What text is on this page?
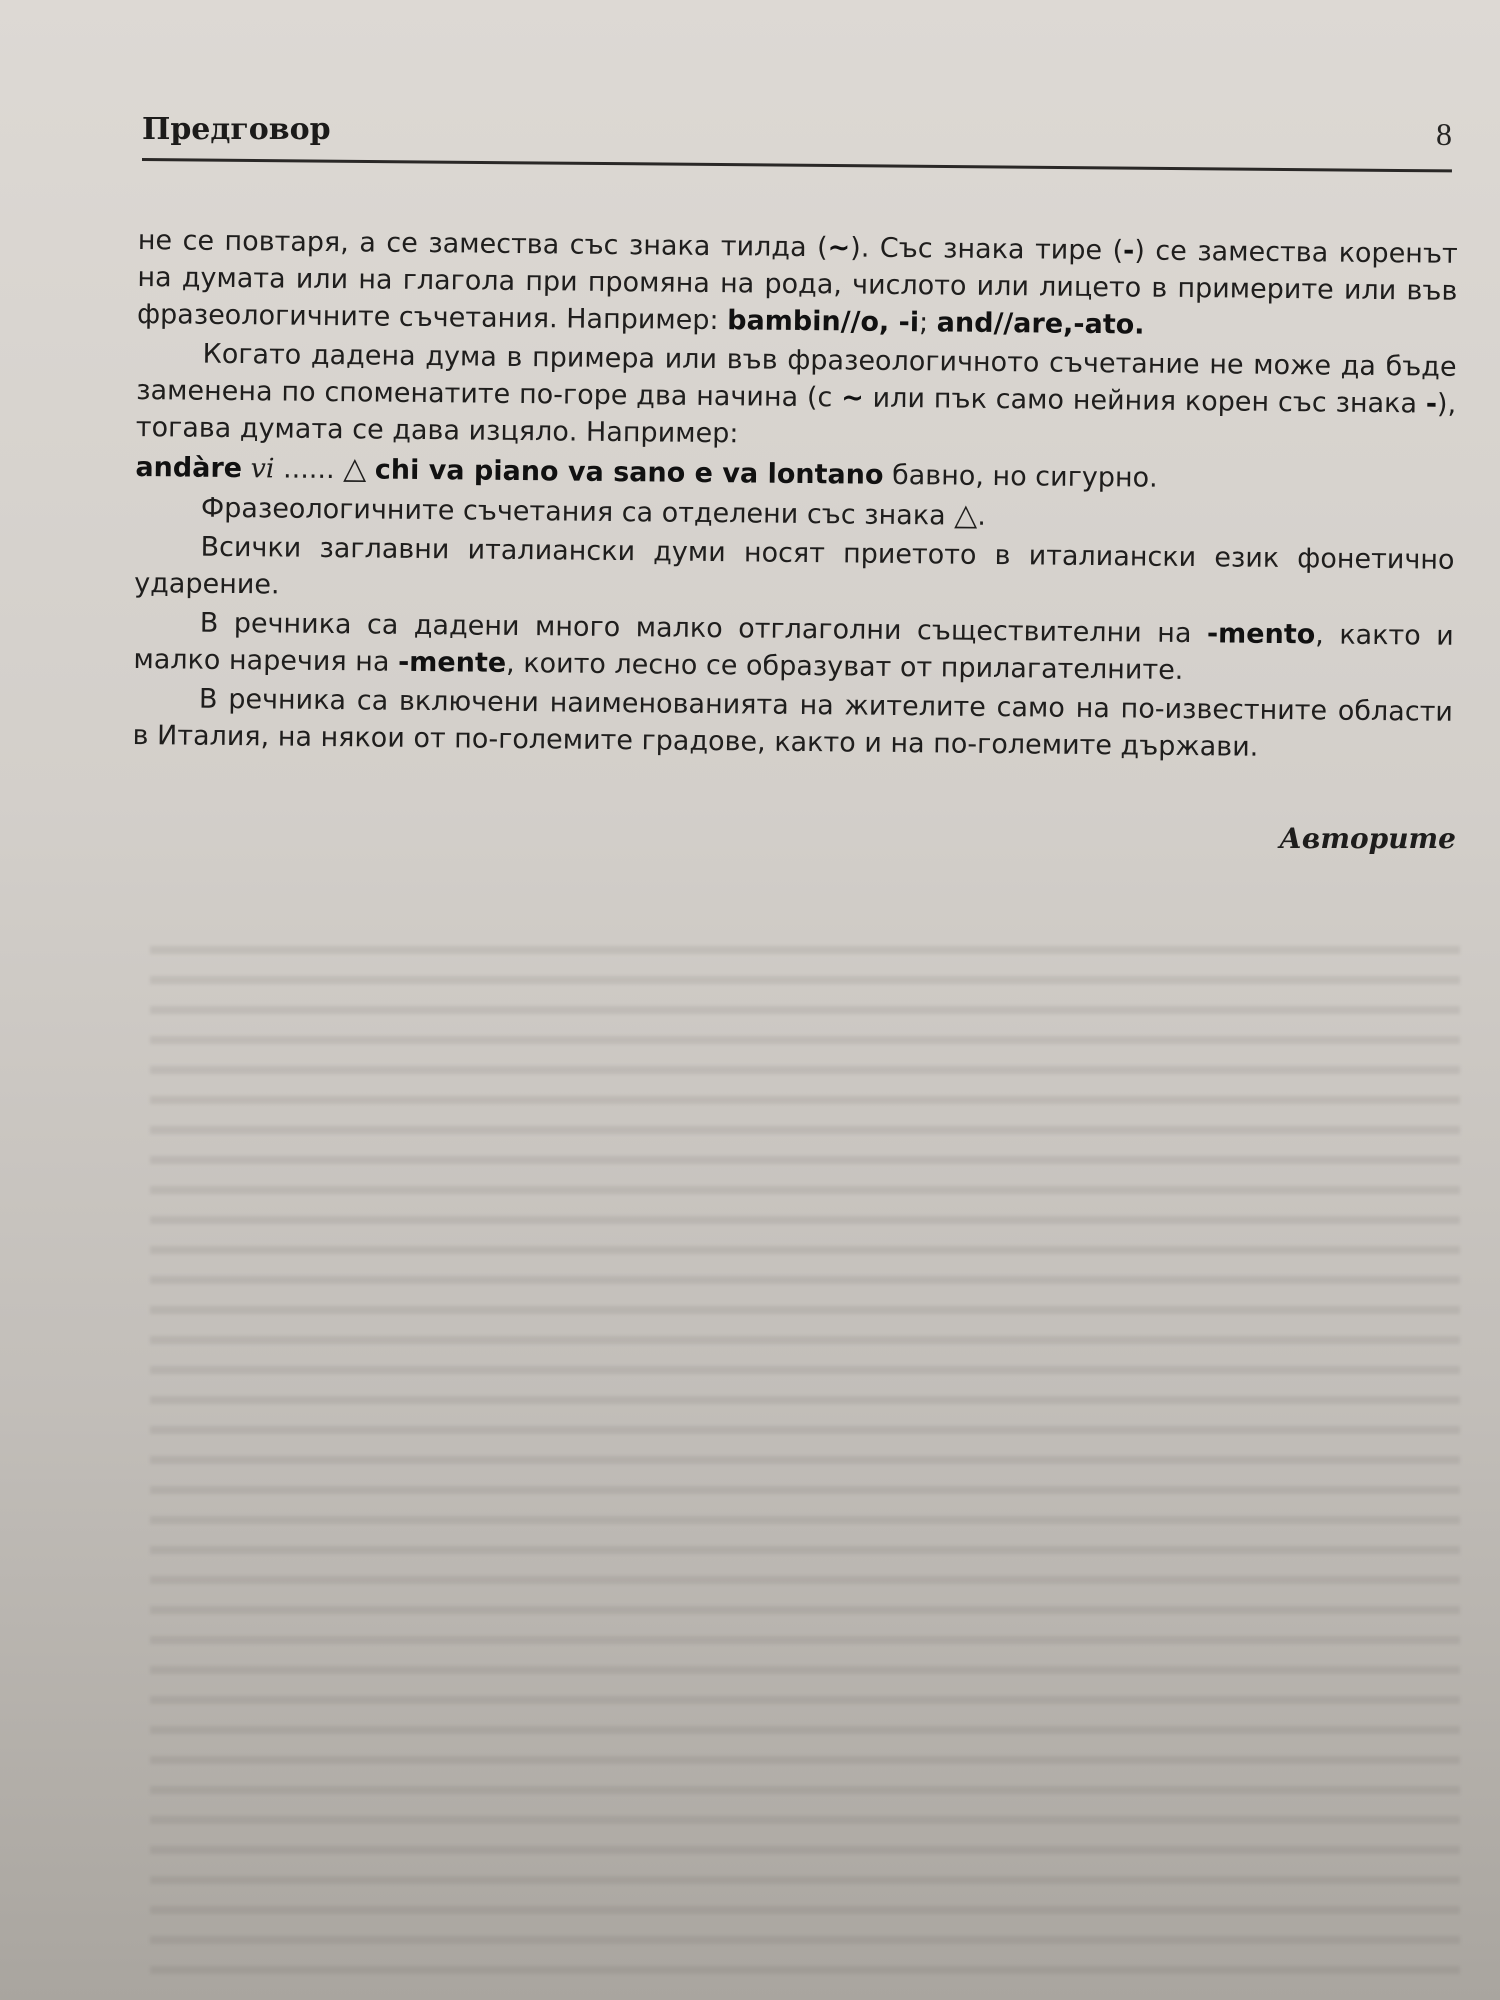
Предговор	8

не се повтаря, а се замества със знака тилда (~). Със знака тире (-) се замества коренът на думата или на глагола при промяна на рода, числото или лицето в примерите или във фразеологичните съчетания. Например: bambin//o, -i; and//are,-ato.

Когато дадена дума в примера или във фразеологичното съчетание не може да бъде заменена по споменатите по-горе два начина (с ~ или пък само нейния корен със знака -), тогава думата се дава изцяло. Например:

andàre vi ...... △ chi va piano va sano e va lontano бавно, но сигурно.

Фразеологичните съчетания са отделени със знака △.

Всички заглавни италиански думи носят приетото в италиански език фонетично ударение.

В речника са дадени много малко отглаголни съществителни на -mento, както и малко наречия на -mente, които лесно се образуват от прилагателните.

В речника са включени наименованията на жителите само на по-известните области в Италия, на някои от по-големите градове, както и на по-големите държави.

Авторите
